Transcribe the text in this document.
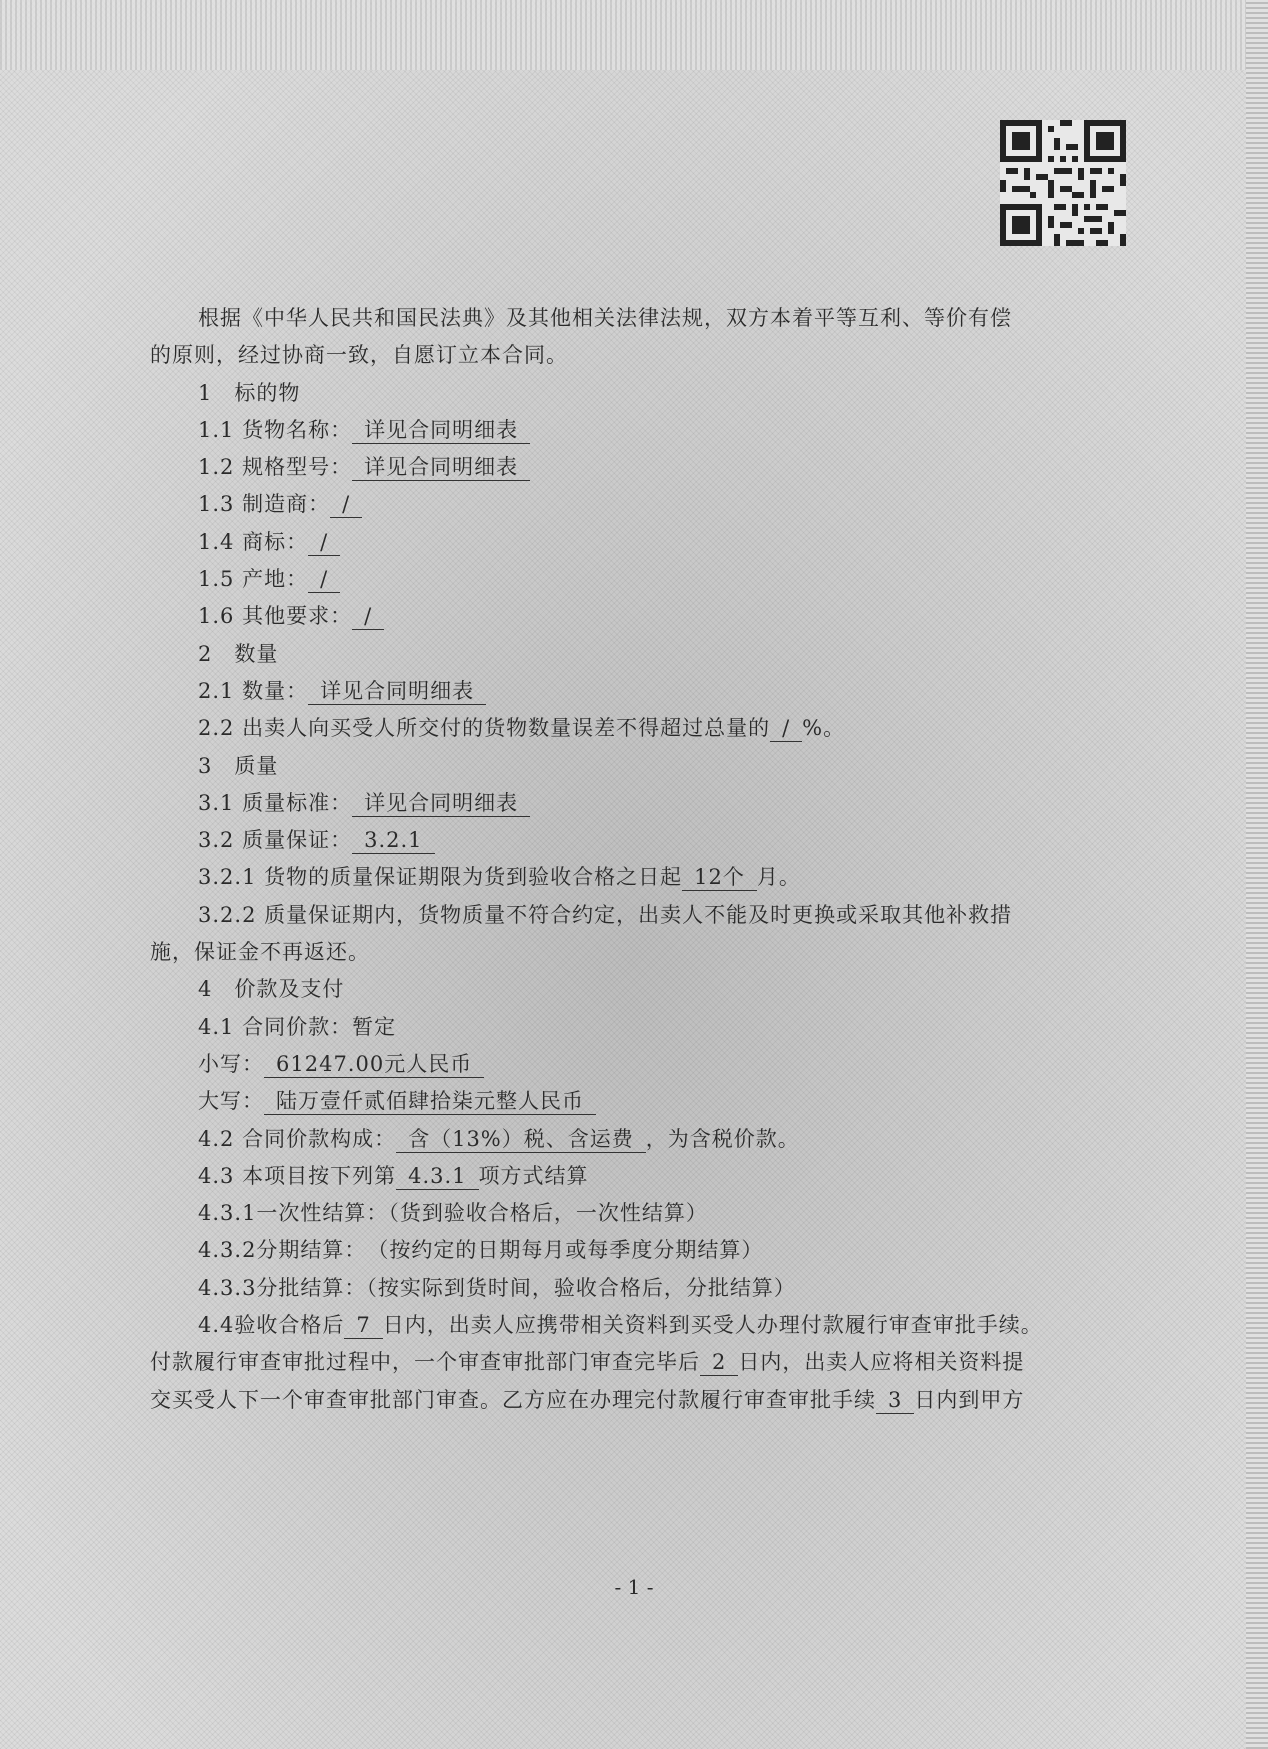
根据《中华人民共和国民法典》及其他相关法律法规，双方本着平等互利、等价有偿
的原则，经过协商一致，自愿订立本合同。
1　标的物
1.1 货物名称： 详见合同明细表
1.2 规格型号： 详见合同明细表
1.3 制造商： /
1.4 商标： /
1.5 产地： /
1.6 其他要求： /
2　数量
2.1 数量： 详见合同明细表
2.2 出卖人向买受人所交付的货物数量误差不得超过总量的 / %。
3　质量
3.1 质量标准： 详见合同明细表
3.2 质量保证： 3.2.1
3.2.1 货物的质量保证期限为货到验收合格之日起 12个 月。
3.2.2 质量保证期内，货物质量不符合约定，出卖人不能及时更换或采取其他补救措
施，保证金不再返还。
4　价款及支付
4.1 合同价款：暂定
小写： 61247.00元人民币
大写： 陆万壹仟贰佰肆拾柒元整人民币
4.2 合同价款构成： 含（13%）税、含运费 ，为含税价款。
4.3 本项目按下列第 4.3.1 项方式结算
4.3.1一次性结算：（货到验收合格后，一次性结算）
4.3.2分期结算：　（按约定的日期每月或每季度分期结算）
4.3.3分批结算：（按实际到货时间，验收合格后，分批结算）
4.4验收合格后 7 日内，出卖人应携带相关资料到买受人办理付款履行审查审批手续。
付款履行审查审批过程中，一个审查审批部门审查完毕后 2 日内，出卖人应将相关资料提
交买受人下一个审查审批部门审查。乙方应在办理完付款履行审查审批手续 3 日内到甲方
- 1 -
